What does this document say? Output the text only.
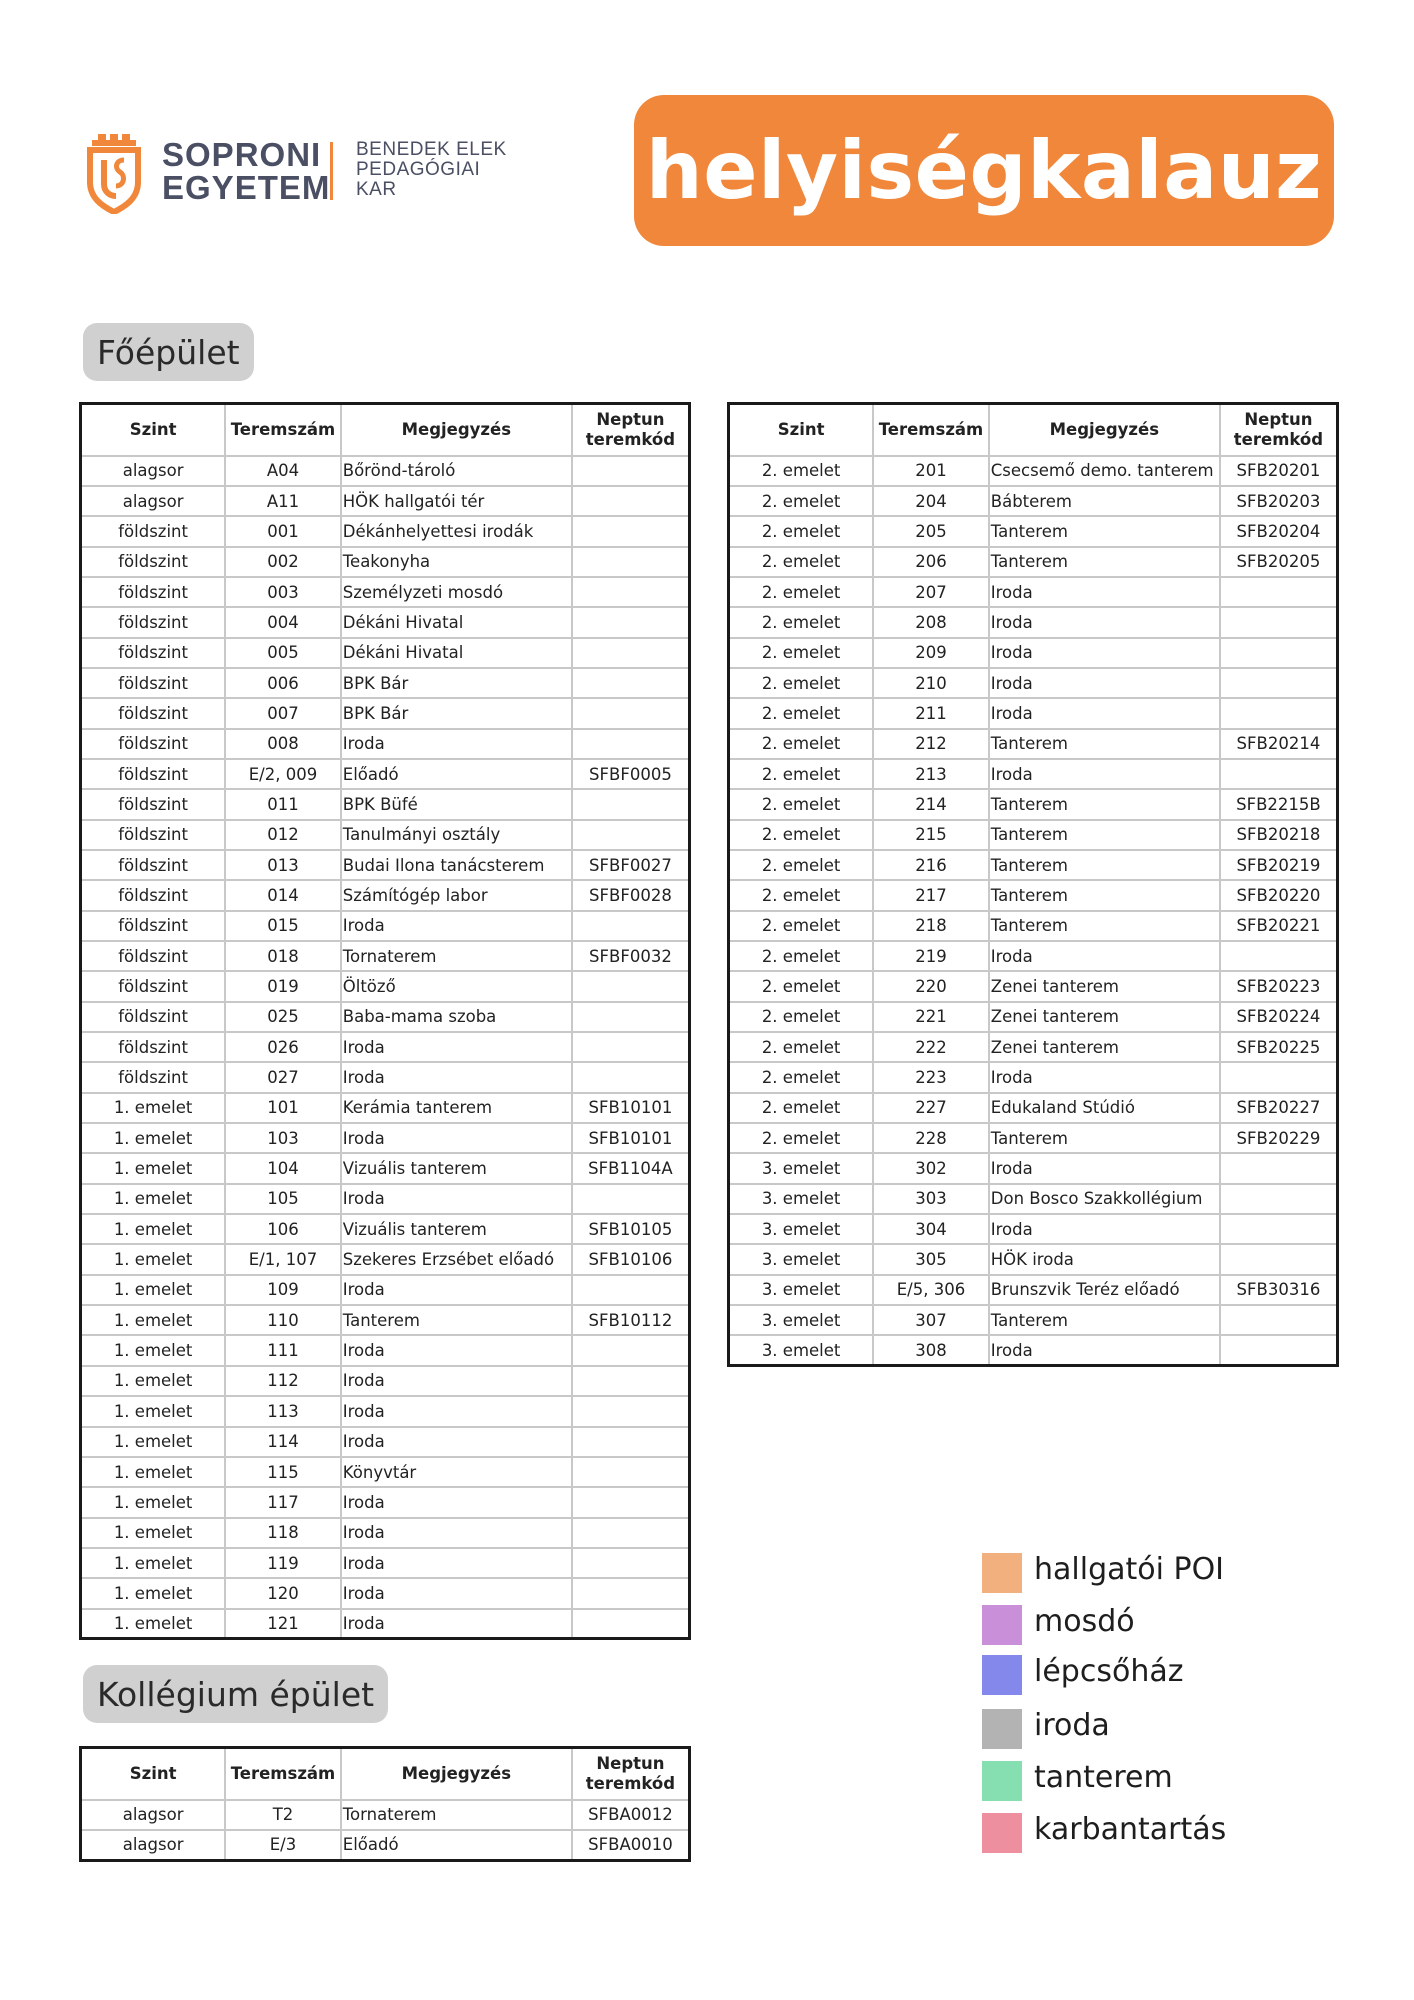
SOPRONI
EGYETEM
BENEDEK ELEK
PEDAGÓGIAI
KAR	helyiségkalauz
Főépület
Kollégium épület
Szint	Teremszám	Megjegyzés	Neptun
teremkód

alagsor	A04	Bőrönd-tároló	
alagsor	A11	HÖK hallgatói tér	
földszint	001	Dékánhelyettesi irodák	
földszint	002	Teakonyha	
földszint	003	Személyzeti mosdó	
földszint	004	Dékáni Hivatal	
földszint	005	Dékáni Hivatal	
földszint	006	BPK Bár	
földszint	007	BPK Bár	
földszint	008	Iroda	
földszint	E/2, 009	Előadó	SFBF0005
földszint	011	BPK Büfé	
földszint	012	Tanulmányi osztály	
földszint	013	Budai Ilona tanácsterem	SFBF0027
földszint	014	Számítógép labor	SFBF0028
földszint	015	Iroda	
földszint	018	Tornaterem	SFBF0032
földszint	019	Öltöző	
földszint	025	Baba-mama szoba	
földszint	026	Iroda	
földszint	027	Iroda	
1. emelet	101	Kerámia tanterem	SFB10101
1. emelet	103	Iroda	SFB10101
1. emelet	104	Vizuális tanterem	SFB1104A
1. emelet	105	Iroda	
1. emelet	106	Vizuális tanterem	SFB10105
1. emelet	E/1, 107	Szekeres Erzsébet előadó	SFB10106
1. emelet	109	Iroda	
1. emelet	110	Tanterem	SFB10112
1. emelet	111	Iroda	
1. emelet	112	Iroda	
1. emelet	113	Iroda	
1. emelet	114	Iroda	
1. emelet	115	Könyvtár	
1. emelet	117	Iroda	
1. emelet	118	Iroda	
1. emelet	119	Iroda	
1. emelet	120	Iroda	
1. emelet	121	Iroda	
Szint	Teremszám	Megjegyzés	Neptun
teremkód

2. emelet	201	Csecsemő demo. tanterem	SFB20201
2. emelet	204	Bábterem	SFB20203
2. emelet	205	Tanterem	SFB20204
2. emelet	206	Tanterem	SFB20205
2. emelet	207	Iroda	
2. emelet	208	Iroda	
2. emelet	209	Iroda	
2. emelet	210	Iroda	
2. emelet	211	Iroda	
2. emelet	212	Tanterem	SFB20214
2. emelet	213	Iroda	
2. emelet	214	Tanterem	SFB2215B
2. emelet	215	Tanterem	SFB20218
2. emelet	216	Tanterem	SFB20219
2. emelet	217	Tanterem	SFB20220
2. emelet	218	Tanterem	SFB20221
2. emelet	219	Iroda	
2. emelet	220	Zenei tanterem	SFB20223
2. emelet	221	Zenei tanterem	SFB20224
2. emelet	222	Zenei tanterem	SFB20225
2. emelet	223	Iroda	
2. emelet	227	Edukaland Stúdió	SFB20227
2. emelet	228	Tanterem	SFB20229
3. emelet	302	Iroda	
3. emelet	303	Don Bosco Szakkollégium	
3. emelet	304	Iroda	
3. emelet	305	HÖK iroda	
3. emelet	E/5, 306	Brunszvik Teréz előadó	SFB30316
3. emelet	307	Tanterem	
3. emelet	308	Iroda	
Szint	Teremszám	Megjegyzés	Neptun
teremkód

alagsor	T2	Tornaterem	SFBA0012
alagsor	E/3	Előadó	SFBA0010
hallgatói POI
mosdó
lépcsőház
iroda
tanterem
karbantartás
